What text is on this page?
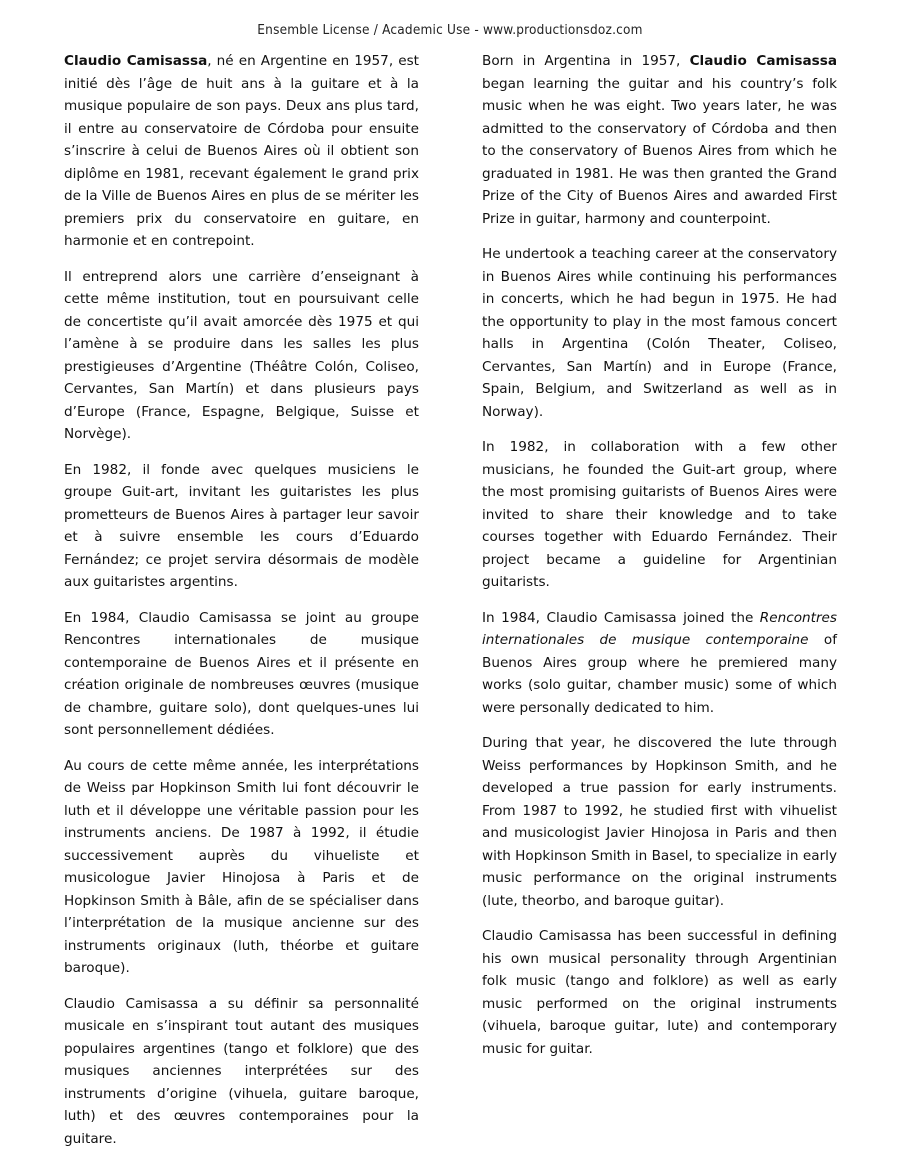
Ensemble License / Academic Use - www.productionsdoz.com

Claudio Camisassa, né en Argentine en 1957, est initié dès l’âge de huit ans à la guitare et à la musique populaire de son pays. Deux ans plus tard, il entre au conservatoire de Córdoba pour ensuite s’inscrire à celui de Buenos Aires où il obtient son diplôme en 1981, recevant également le grand prix de la Ville de Buenos Aires en plus de se mériter les premiers prix du conservatoire en guitare, en harmonie et en contrepoint.

Il entreprend alors une carrière d’enseignant à cette même institution, tout en poursuivant celle de concertiste qu’il avait amorcée dès 1975 et qui l’amène à se produire dans les salles les plus prestigieuses d’Argentine (Théâtre Colón, Coliseo, Cervantes, San Martín) et dans plusieurs pays d’Europe (France, Espagne, Belgique, Suisse et Norvège).

En 1982, il fonde avec quelques musiciens le groupe Guit-art, invitant les guitaristes les plus prometteurs de Buenos Aires à partager leur savoir et à suivre ensemble les cours d’Eduardo Fernández; ce projet servira désormais de modèle aux guitaristes argentins.

En 1984, Claudio Camisassa se joint au groupe Rencontres internationales de musique contemporaine de Buenos Aires et il présente en création originale de nombreuses œuvres (musique de chambre, guitare solo), dont quelques-unes lui sont personnellement dédiées.

Au cours de cette même année, les interprétations de Weiss par Hopkinson Smith lui font découvrir le luth et il développe une véritable passion pour les instruments anciens. De 1987 à 1992, il étudie successivement auprès du vihueliste et musicologue Javier Hinojosa à Paris et de Hopkinson Smith à Bâle, afin de se spécialiser dans l’interprétation de la musique ancienne sur des instruments originaux (luth, théorbe et guitare baroque).

Claudio Camisassa a su définir sa personnalité musicale en s’inspirant tout autant des musiques populaires argentines (tango et folklore) que des musiques anciennes interprétées sur des instruments d’origine (vihuela, guitare baroque, luth) et des œuvres contemporaines pour la guitare.

Born in Argentina in 1957, Claudio Camisassa began learning the guitar and his country’s folk music when he was eight. Two years later, he was admitted to the conservatory of Córdoba and then to the conservatory of Buenos Aires from which he graduated in 1981. He was then granted the Grand Prize of the City of Buenos Aires and awarded First Prize in guitar, harmony and counterpoint.

He undertook a teaching career at the conservatory in Buenos Aires while continuing his performances in concerts, which he had begun in 1975. He had the opportunity to play in the most famous concert halls in Argentina (Colón Theater, Coliseo, Cervantes, San Martín) and in Europe (France, Spain, Belgium, and Switzerland as well as in Norway).

In 1982, in collaboration with a few other musicians, he founded the Guit-art group, where the most promising guitarists of Buenos Aires were invited to share their knowledge and to take courses together with Eduardo Fernández. Their project became a guideline for Argentinian guitarists.

In 1984, Claudio Camisassa joined the Rencontres internationales de musique contemporaine of Buenos Aires group where he premiered many works (solo guitar, chamber music) some of which were personally dedicated to him.

During that year, he discovered the lute through Weiss performances by Hopkinson Smith, and he developed a true passion for early instruments. From 1987 to 1992, he studied first with vihuelist and musicologist Javier Hinojosa in Paris and then with Hopkinson Smith in Basel, to specialize in early music performance on the original instruments (lute, theorbo, and baroque guitar).

Claudio Camisassa has been successful in defining his own musical personality through Argentinian folk music (tango and folklore) as well as early music performed on the original instruments (vihuela, baroque guitar, lute) and contemporary music for guitar.
